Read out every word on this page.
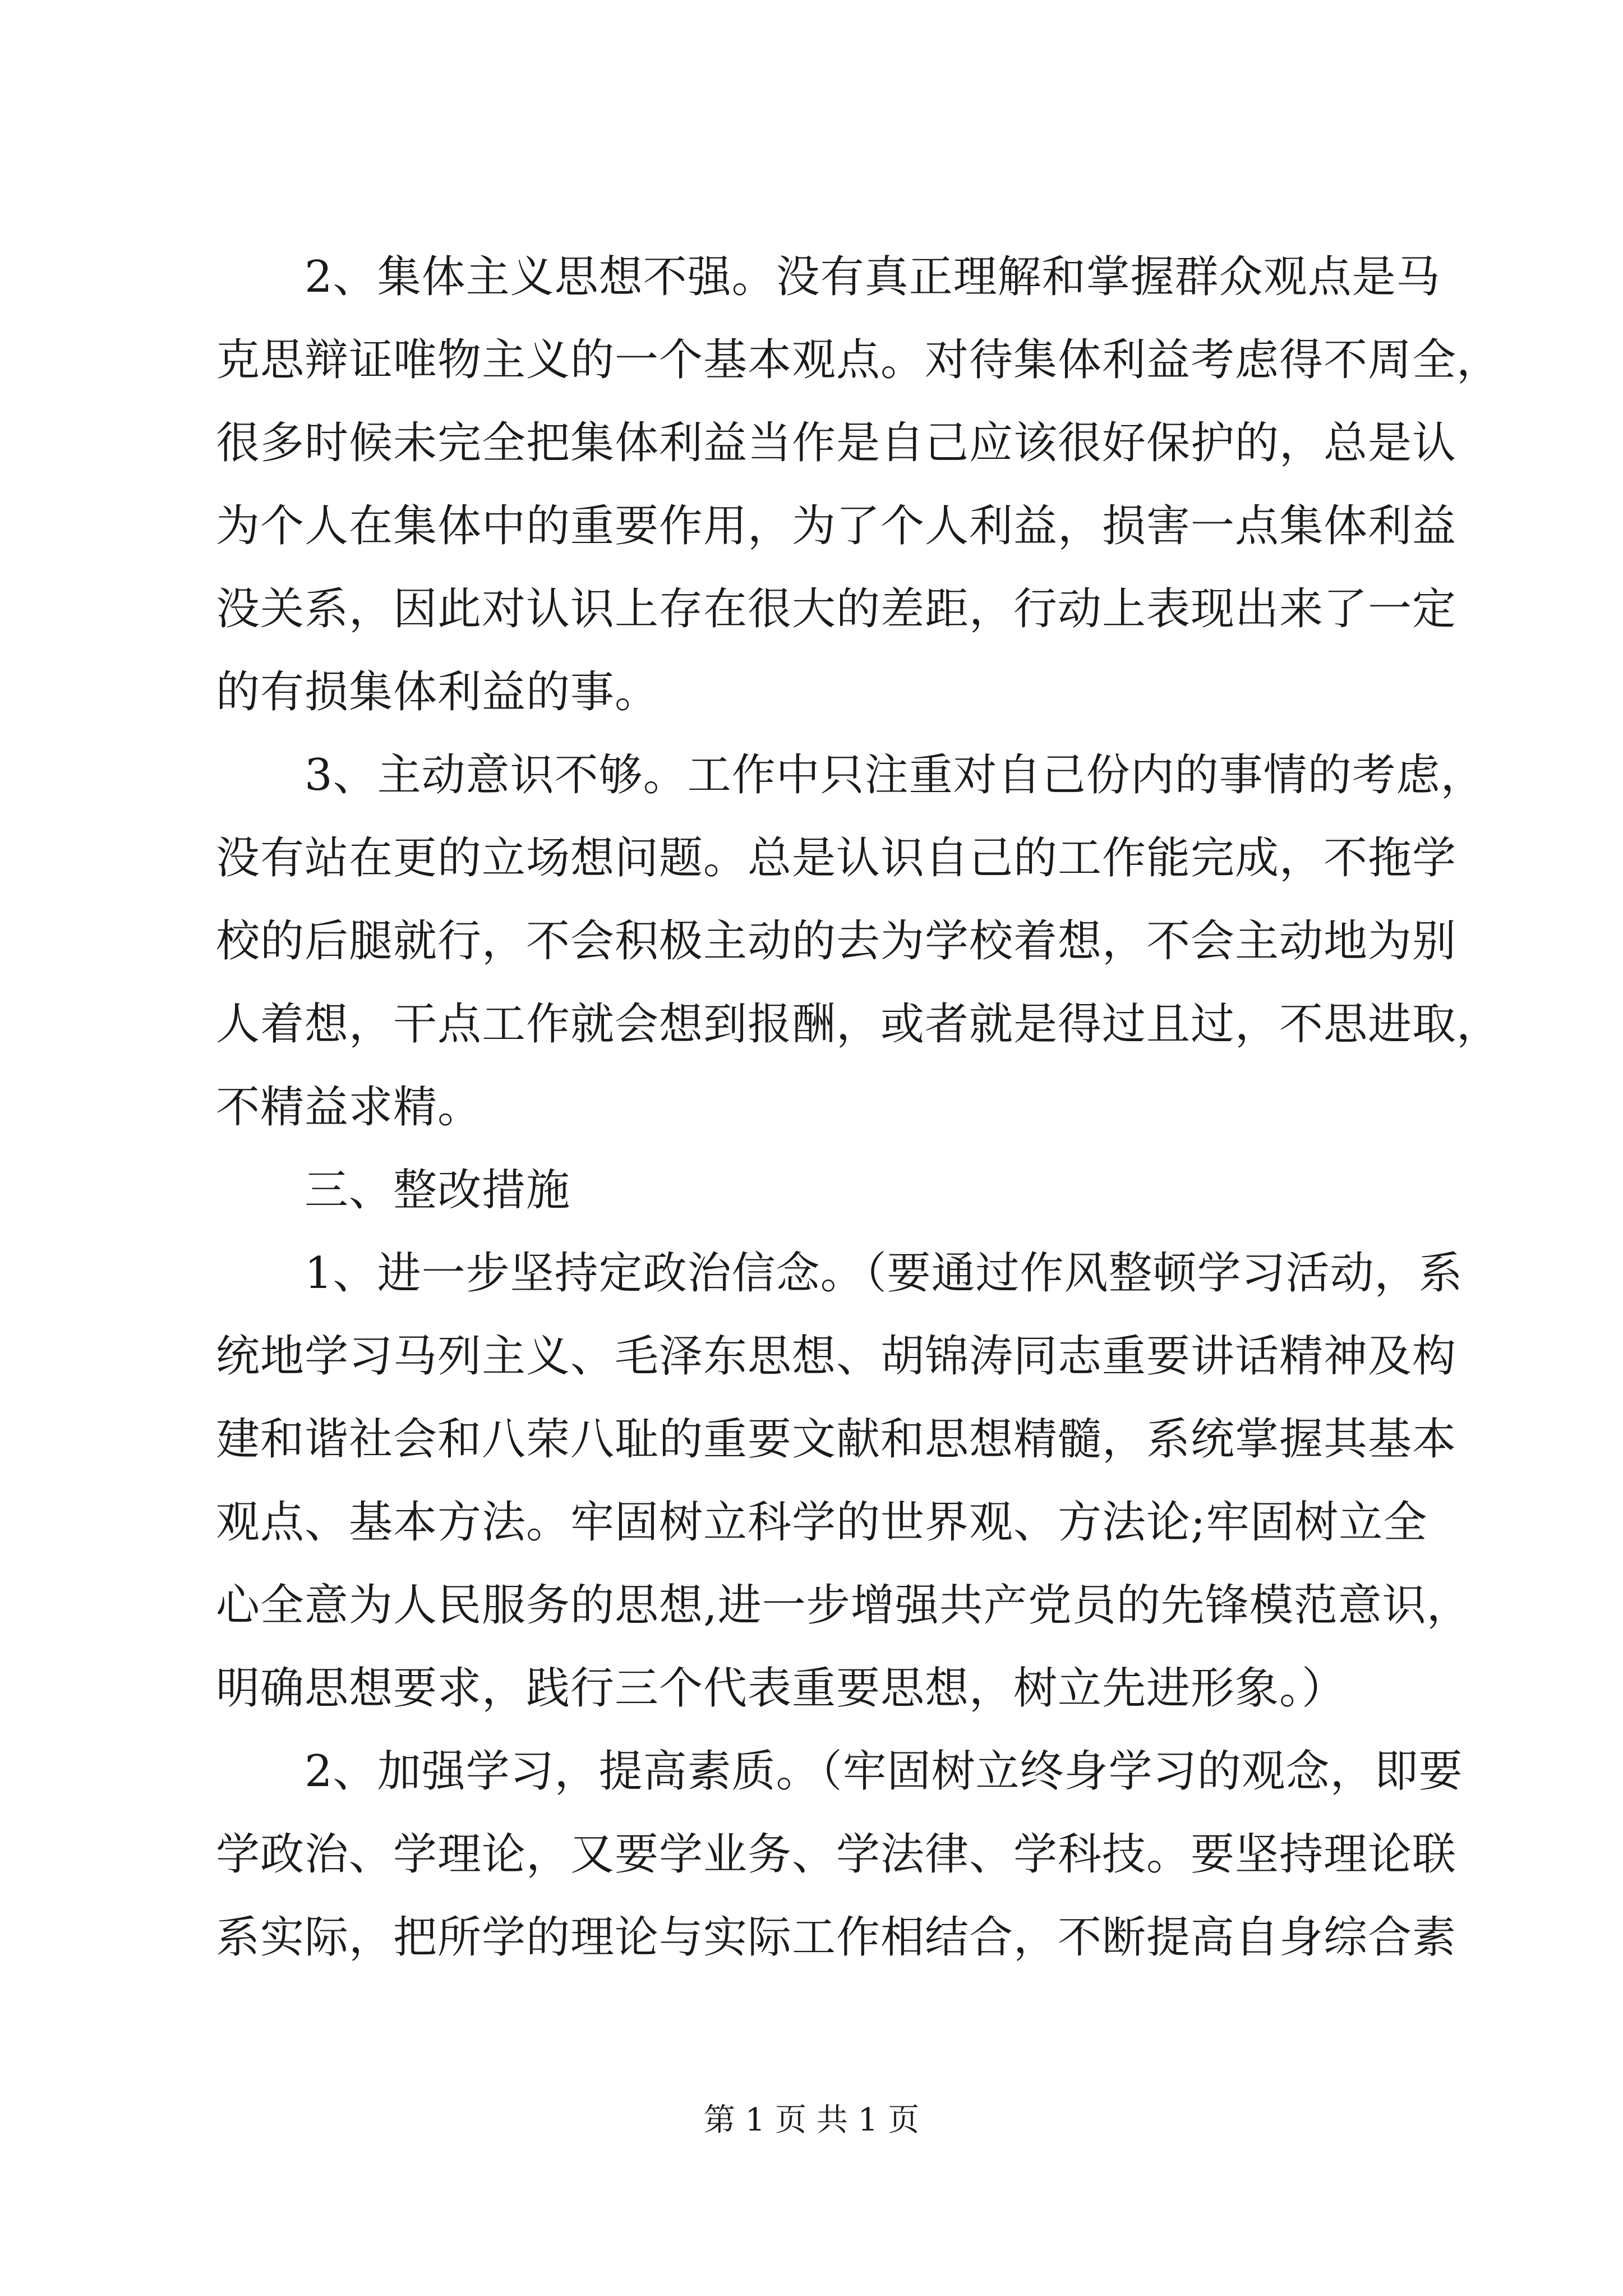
　　2、集体主义思想不强。没有真正理解和掌握群众观点是马
克思辩证唯物主义的一个基本观点。对待集体利益考虑得不周全，
很多时候未完全把集体利益当作是自己应该很好保护的，总是认
为个人在集体中的重要作用，为了个人利益，损害一点集体利益
没关系，因此对认识上存在很大的差距，行动上表现出来了一定
的有损集体利益的事。
　　3、主动意识不够。工作中只注重对自己份内的事情的考虑，
没有站在更的立场想问题。总是认识自己的工作能完成，不拖学
校的后腿就行，不会积极主动的去为学校着想，不会主动地为别
人着想，干点工作就会想到报酬，或者就是得过且过，不思进取，
不精益求精。
　　三、整改措施
　　1、进一步坚持定政治信念。（要通过作风整顿学习活动，系
统地学习马列主义、毛泽东思想、胡锦涛同志重要讲话精神及构
建和谐社会和八荣八耻的重要文献和思想精髓，系统掌握其基本
观点、基本方法。牢固树立科学的世界观、方法论;牢固树立全
心全意为人民服务的思想,进一步增强共产党员的先锋模范意识，
明确思想要求，践行三个代表重要思想，树立先进形象。）
　　2、加强学习，提高素质。（牢固树立终身学习的观念，即要
学政治、学理论，又要学业务、学法律、学科技。要坚持理论联
系实际，把所学的理论与实际工作相结合，不断提高自身综合素
第 1 页 共 1 页
